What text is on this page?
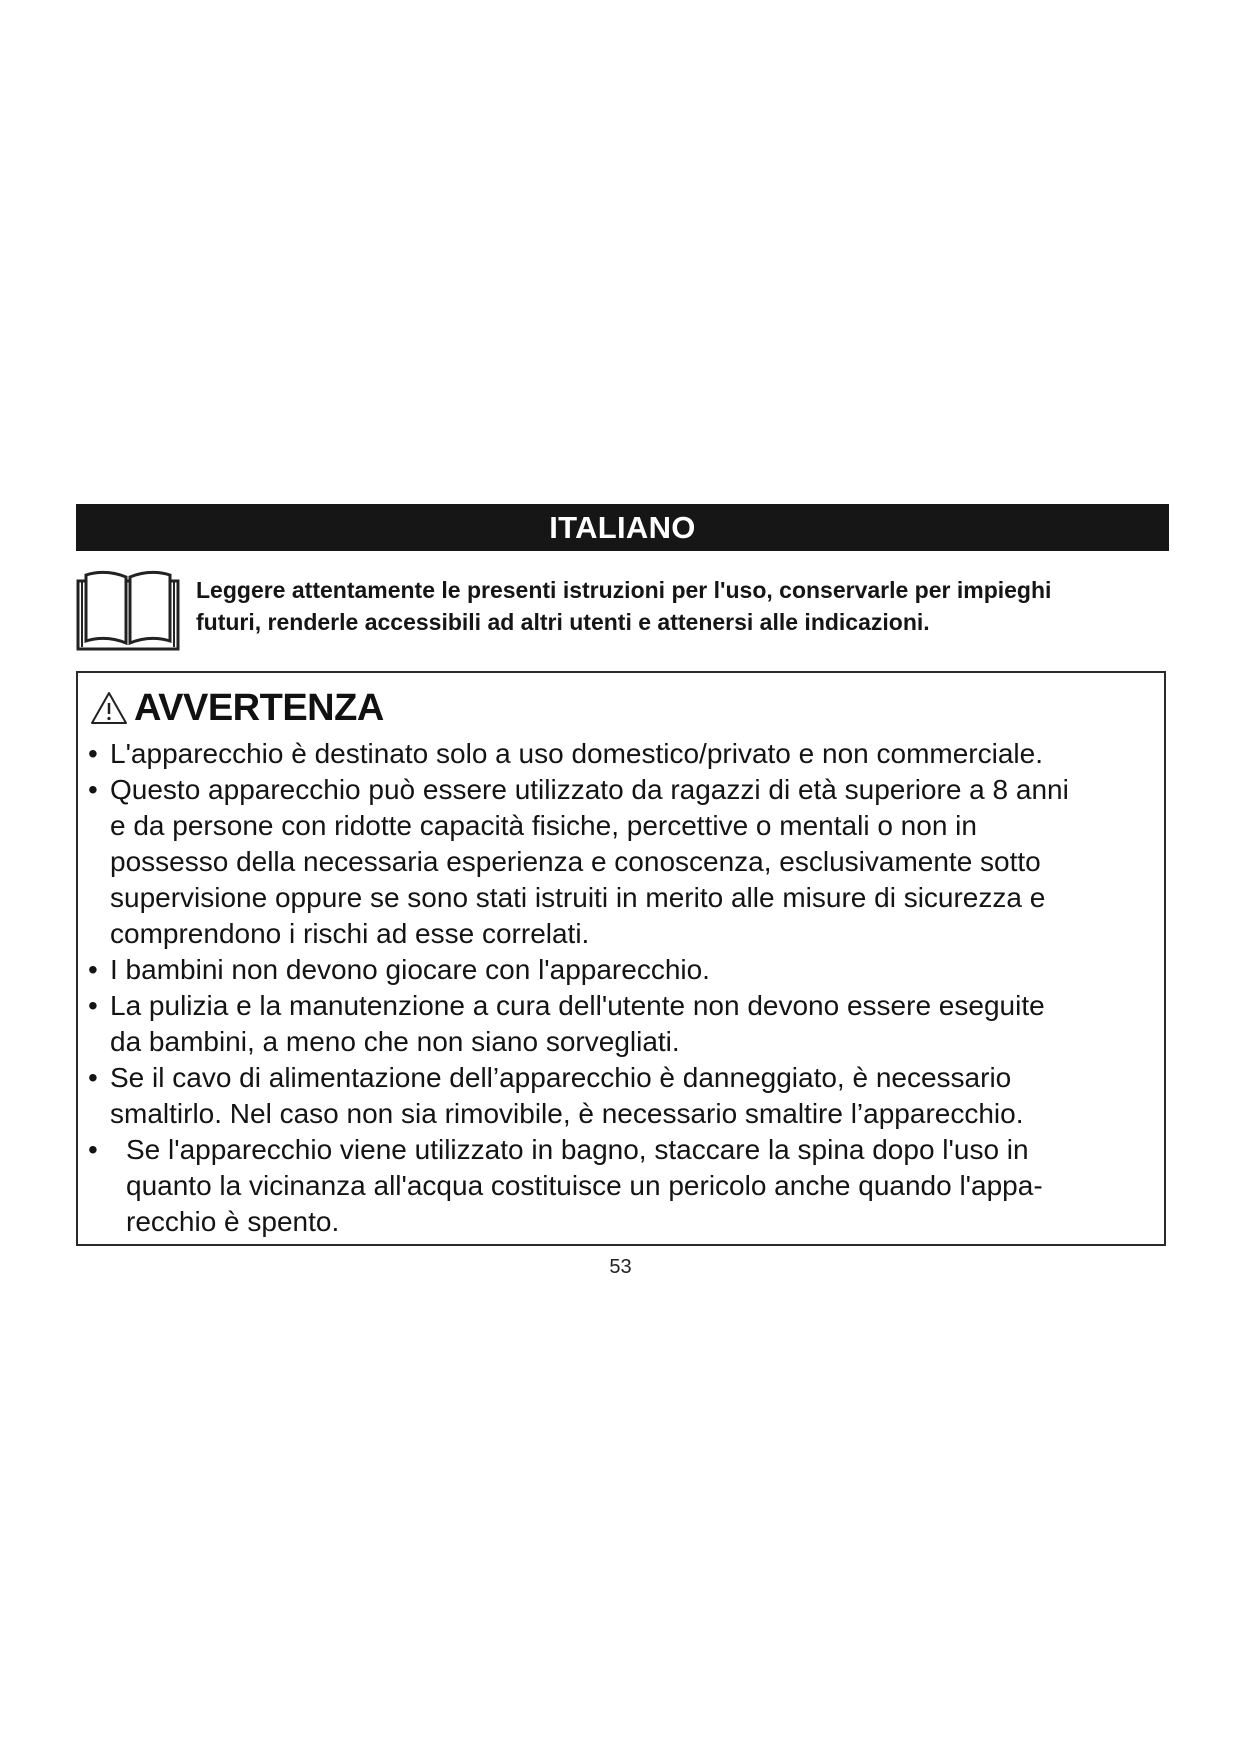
ITALIANO
Leggere attentamente le presenti istruzioni per l'uso, conservarle per impieghi
futuri, renderle accessibili ad altri utenti e attenersi alle indicazioni.
AVVERTENZA
• L'apparecchio è destinato solo a uso domestico/privato e non commerciale.
• Questo apparecchio può essere utilizzato da ragazzi di età superiore a 8 anni
e da persone con ridotte capacità fisiche, percettive o mentali o non in
possesso della necessaria esperienza e conoscenza, esclusivamente sotto
supervisione oppure se sono stati istruiti in merito alle misure di sicurezza e
comprendono i rischi ad esse correlati.
• I bambini non devono giocare con l'apparecchio.
• La pulizia e la manutenzione a cura dell'utente non devono essere eseguite
da bambini, a meno che non siano sorvegliati.
• Se il cavo di alimentazione dell’apparecchio è danneggiato, è necessario
smaltirlo. Nel caso non sia rimovibile, è necessario smaltire l’apparecchio.
•	Se l'apparecchio viene utilizzato in bagno, staccare la spina dopo l'uso in
quanto la vicinanza all'acqua costituisce un pericolo anche quando l'appa-
recchio è spento.
53
